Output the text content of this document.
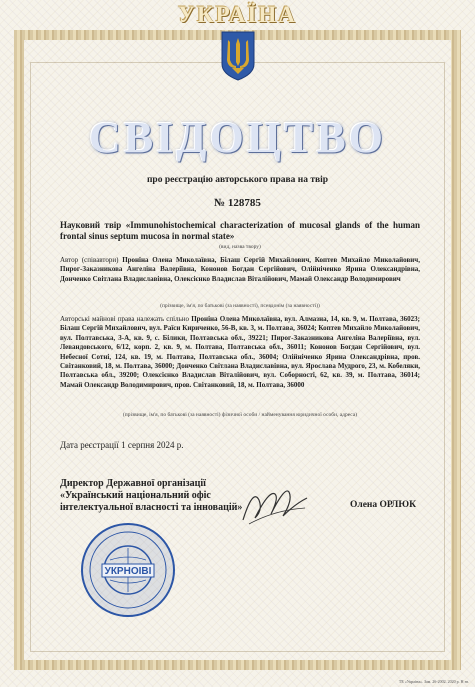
УКРАЇНА
СВІДОЦТВО
про реєстрацію авторського права на твір
№ 128785
Науковий твір «Immunohistochemical characterization of mucosal glands of the human frontal sinus septum mucosa in normal state»
(вид, назва твору)
Автор (співавтори) Проніна Олена Миколаївна, Білаш Сергій Михайлович, Коптев Михайло Миколайович, Пирог-Заказникова Ангеліна Валеріївна, Кононов Богдан Сергійович, Олійніченко Ярина Олександрівна, Донченко Світлана Владиславівна, Олексієнко Владислав Віталійович, Мамай Олександр Володимирович
(прізвище, ім'я, по батькові (за наявності), псевдонім (за наявності))
Авторські майнові права належать спільно Проніна Олена Миколаївна, вул. Алмазна, 14, кв. 9, м. Полтава, 36023; Білаш Сергій Михайлович, вул. Раїси Кириченко, 56-В, кв. 3, м. Полтава, 36024; Коптев Михайло Миколайович, вул. Полтавська, 3-А, кв. 9, с. Білики, Полтавська обл., 39221; Пирог-Заказникова Ангеліна Валеріївна, вул. Левандовського, 6/12, корп. 2, кв. 9, м. Полтава, Полтавська обл., 36011; Кононов Богдан Сергійович, вул. Небесної Сотні, 124, кв. 19, м. Полтава, Полтавська обл., 36004; Олійніченко Ярина Олександрівна, пров. Світанковий, 18, м. Полтава, 36000; Донченко Світлана Владиславівна, вул. Ярослава Мудрого, 23, м. Кобеляки, Полтавська обл., 39200; Олексієнко Владислав Віталійович, вул. Соборності, 62, кв. 39, м. Полтава, 36014; Мамай Олександр Володимирович, пров. Світанковий, 18, м. Полтава, 36000
(прізвище, ім'я, по батькові (за наявності) фізичної особи / найменування юридичної особи, адреса)
Дата реєстрації 1 серпня 2024 р.
Директор Державної організації «Український національний офіс інтелектуальної власності та інновацій»	Олена ОРЛЮК
УКРНОІВІ
ТЕ «Україна». Зам. 26-2002. 2020 р. Н зв.
